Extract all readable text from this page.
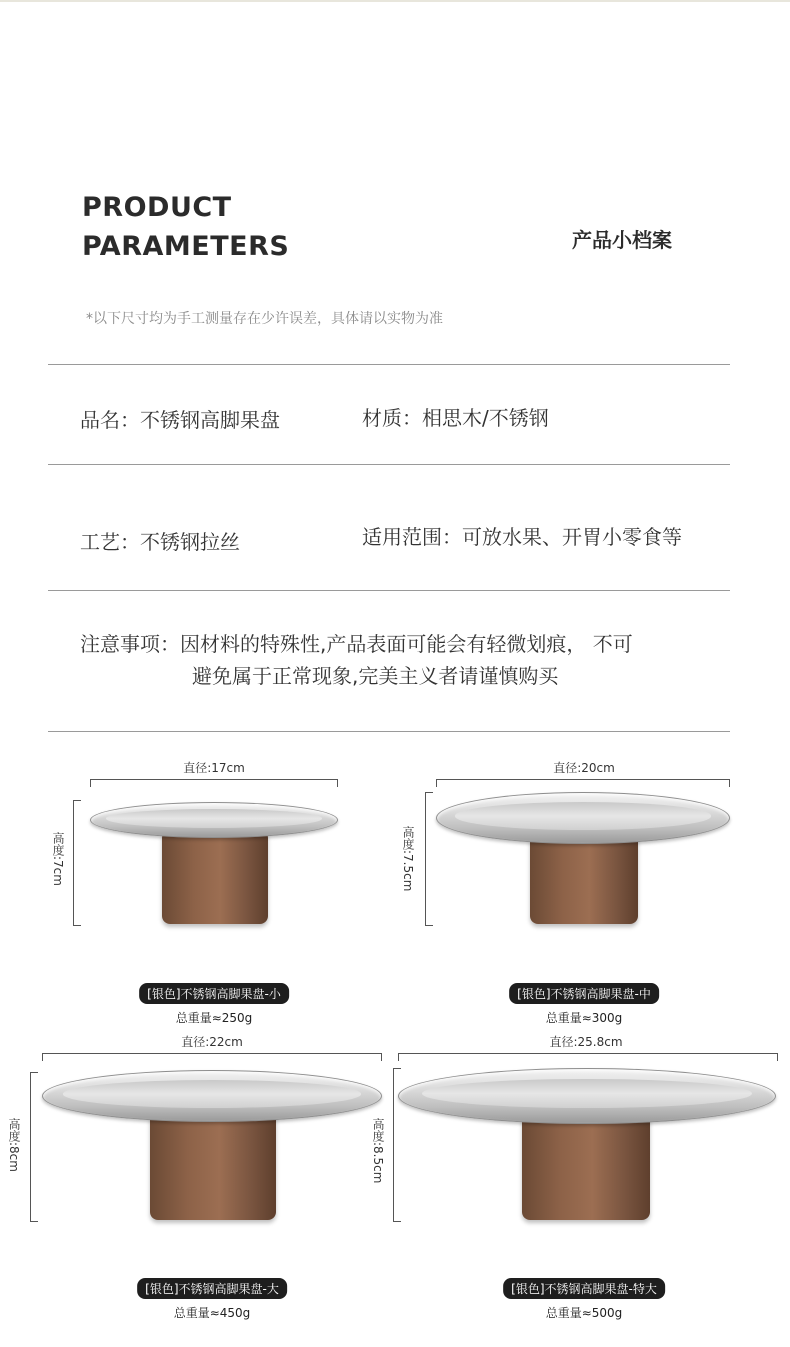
PRODUCT
PARAMETERS	产品小档案
*以下尺寸均为手工测量存在少许误差，具体请以实物为准
品名：不锈钢高脚果盘	材质：相思木/不锈钢
工艺：不锈钢拉丝	适用范围：可放水果、开胃小零食等
注意事项：因材料的特殊性,产品表面可能会有轻微划痕， 不可
避免属于正常现象,完美主义者请谨慎购买
直径:17cm
高度:7cm
[银色]不锈钢高脚果盘-小
总重量≈250g
直径:20cm
高度:7.5cm
[银色]不锈钢高脚果盘-中
总重量≈300g
直径:22cm
高度:8cm
[银色]不锈钢高脚果盘-大
总重量≈450g
直径:25.8cm
高度:8.5cm
[银色]不锈钢高脚果盘-特大
总重量≈500g
